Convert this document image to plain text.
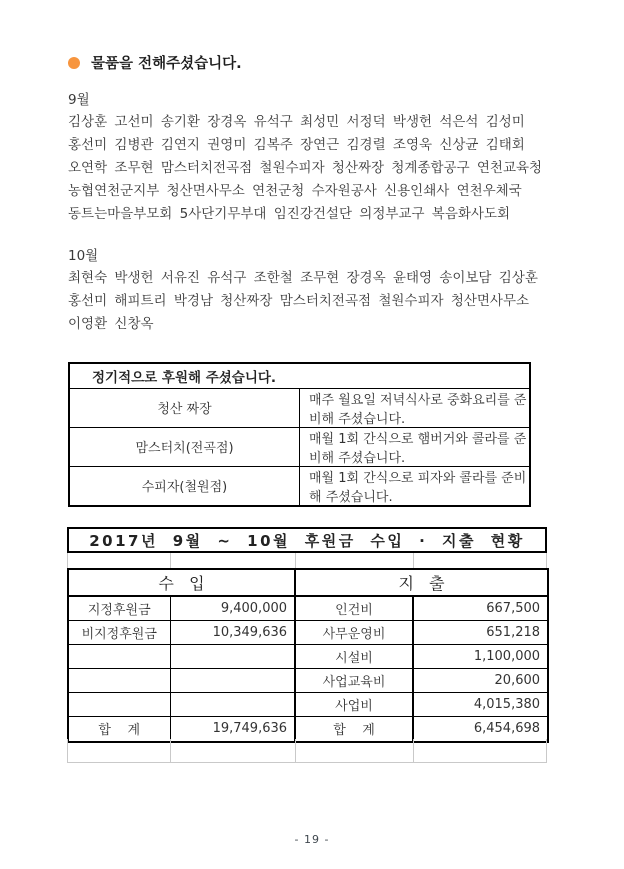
물품을 전해주셨습니다.
9월
김상훈 고선미 송기환 장경옥 유석구 최성민 서정덕 박생헌 석은석 김성미
홍선미 김병관 김연지 권영미 김복주 장연근 김경렬 조영욱 신상균 김태회
오연학 조무현 맘스터치전곡점 철원수피자 청산짜장 청계종합공구 연천교육청
농협연천군지부 청산면사무소 연천군청 수자원공사 신용인쇄사 연천우체국
동트는마을부모회 5사단기무부대 임진강건설단 의정부교구 복음화사도회
10월
최현숙 박생헌 서유진 유석구 조한철 조무현 장경옥 윤태영 송이보담 김상훈
홍선미 해피트리 박경남 청산짜장 맘스터치전곡점 철원수피자 청산면사무소
이영환 신창옥
정기적으로 후원해 주셨습니다.	
청산 짜장	매주 월요일 저녁식사로 중화요리를 준비해 주셨습니다.
맘스터치(전곡점)	매월 1회 간식으로 햄버거와 콜라를 준비해 주셨습니다.
수피자(철원점)	매월 1회 간식으로 피자와 콜라를 준비해 주셨습니다.
2017년 9월 ~ 10월 후원금 수입 · 지출 현황
수   입		지   출	
지정후원금	9,400,000	인건비	667,500
비지정후원금	10,349,636	사무운영비	651,218
		시설비	1,100,000
		사업교육비	20,600
		사업비	4,015,380
합    계	19,749,636	합    계	6,454,698
- 19 -
